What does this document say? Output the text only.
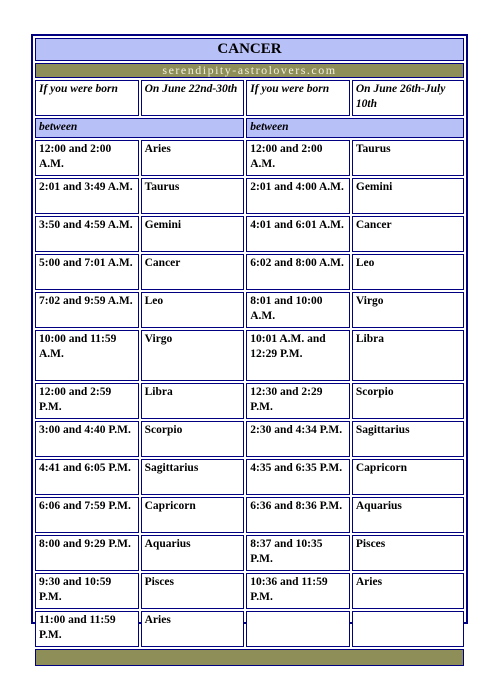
CANCER			
serendipity-astrolovers.com			
If you were born	On June 22nd-30th	If you were born	On June 26th-July 10th
between		between	
12:00 and 2:00 A.M.	Aries	12:00 and 2:00 A.M.	Taurus
2:01 and 3:49 A.M.	Taurus	2:01 and 4:00 A.M.	Gemini
3:50 and 4:59 A.M.	Gemini	4:01 and 6:01 A.M.	Cancer
5:00 and 7:01 A.M.	Cancer	6:02 and 8:00 A.M.	Leo
7:02 and 9:59 A.M.	Leo	8:01 and 10:00 A.M.	Virgo
10:00 and 11:59 A.M.	Virgo	10:01 A.M. and 12:29 P.M.	Libra
12:00 and 2:59 P.M.	Libra	12:30 and 2:29 P.M.	Scorpio
3:00 and 4:40 P.M.	Scorpio	2:30 and 4:34 P.M.	Sagittarius
4:41 and 6:05 P.M.	Sagittarius	4:35 and 6:35 P.M.	Capricorn
6:06 and 7:59 P.M.	Capricorn	6:36 and 8:36 P.M.	Aquarius
8:00 and 9:29 P.M.	Aquarius	8:37 and 10:35 P.M.	Pisces
9:30 and 10:59 P.M.	Pisces	10:36 and 11:59 P.M.	Aries
11:00 and 11:59 P.M.	Aries		
